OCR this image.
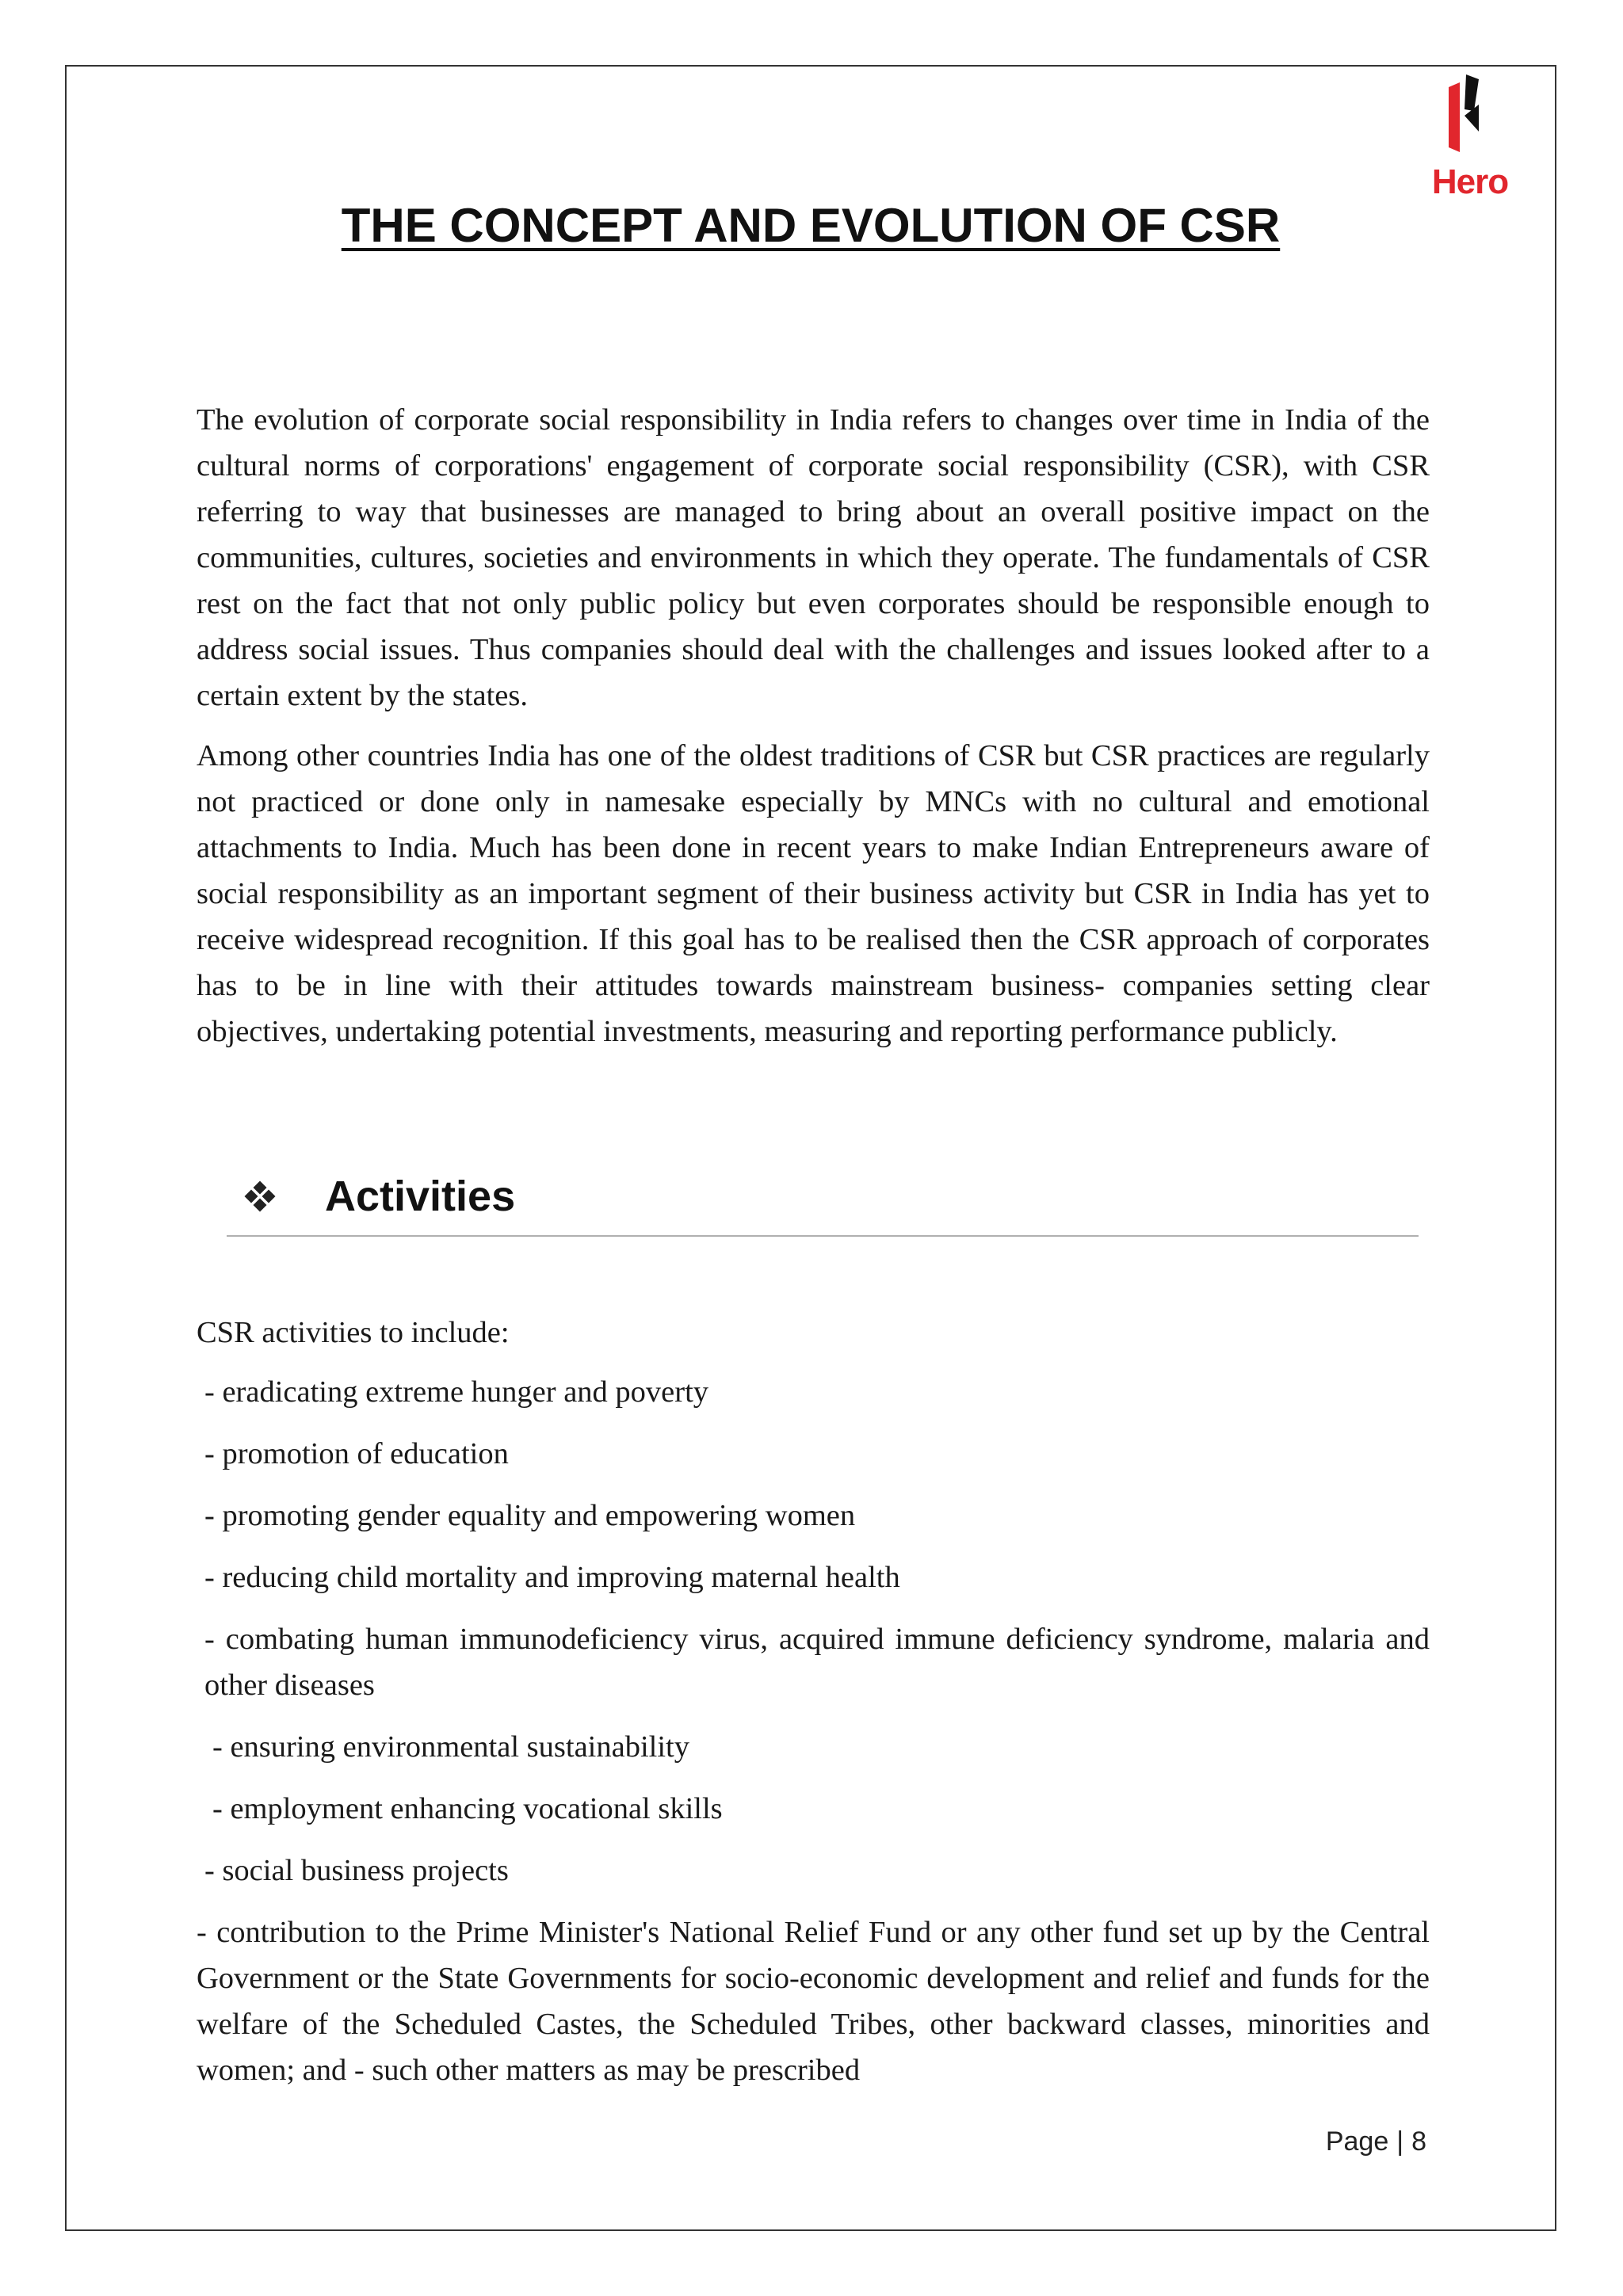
Hero
THE CONCEPT AND EVOLUTION OF CSR

The evolution of corporate social responsibility in India refers to changes over time in India of the cultural norms of corporations' engagement of corporate social responsibility (CSR), with CSR referring to way that businesses are managed to bring about an overall positive impact on the communities, cultures, societies and environments in which they operate. The fundamentals of CSR rest on the fact that not only public policy but even corporates should be responsible enough to address social issues. Thus companies should deal with the challenges and issues looked after to a certain extent by the states.

Among other countries India has one of the oldest traditions of CSR but CSR practices are regularly not practiced or done only in namesake especially by MNCs with no cultural and emotional attachments to India. Much has been done in recent years to make Indian Entrepreneurs aware of social responsibility as an important segment of their business activity but CSR in India has yet to receive widespread recognition. If this goal has to be realised then the CSR approach of corporates has to be in line with their attitudes towards mainstream business- companies setting clear objectives, undertaking potential investments, measuring and reporting performance publicly.

Activities
CSR activities to include:
- eradicating extreme hunger and poverty
- promotion of education
- promoting gender equality and empowering women
- reducing child mortality and improving maternal health
- combating human immunodeficiency virus, acquired immune deficiency syndrome, malaria and other diseases
- ensuring environmental sustainability
- employment enhancing vocational skills
- social business projects
- contribution to the Prime Minister's National Relief Fund or any other fund set up by the Central Government or the State Governments for socio-economic development and relief and funds for the welfare of the Scheduled Castes, the Scheduled Tribes, other backward classes, minorities and women; and - such other matters as may be prescribed
Page | 8
